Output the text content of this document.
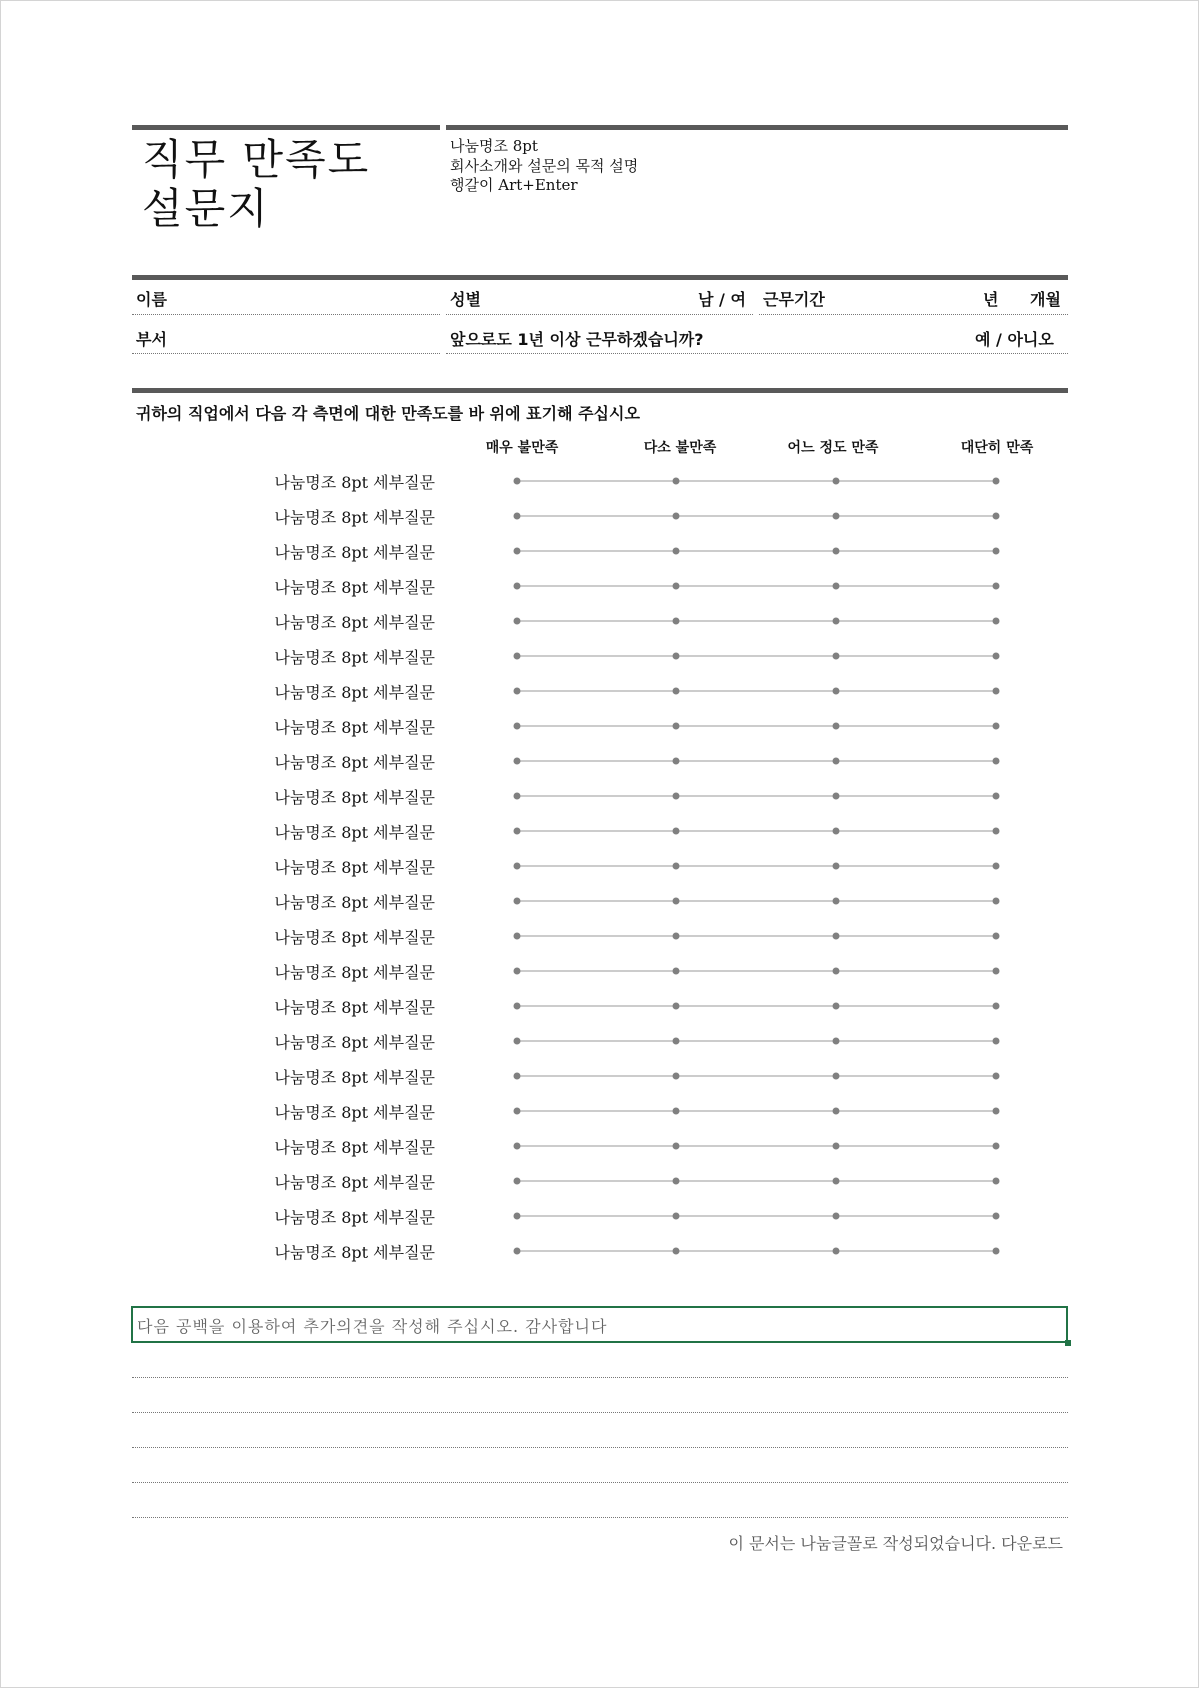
직무 만족도
설문지
나눔명조 8pt
회사소개와 설문의 목적 설명
행갈이 Art+Enter
이름	성별	남 / 여 근무기간	년 개월
부서	앞으로도 1년 이상 근무하겠습니까?	예 / 아니오
귀하의 직업에서 다음 각 측면에 대한 만족도를 바 위에 표기해 주십시오
매우 불만족	다소 불만족	어느 정도 만족	대단히 만족
나눔명조 8pt 세부질문
나눔명조 8pt 세부질문
나눔명조 8pt 세부질문
나눔명조 8pt 세부질문
나눔명조 8pt 세부질문
나눔명조 8pt 세부질문
나눔명조 8pt 세부질문
나눔명조 8pt 세부질문
나눔명조 8pt 세부질문
나눔명조 8pt 세부질문
나눔명조 8pt 세부질문
나눔명조 8pt 세부질문
나눔명조 8pt 세부질문
나눔명조 8pt 세부질문
나눔명조 8pt 세부질문
나눔명조 8pt 세부질문
나눔명조 8pt 세부질문
나눔명조 8pt 세부질문
나눔명조 8pt 세부질문
나눔명조 8pt 세부질문
나눔명조 8pt 세부질문
나눔명조 8pt 세부질문
나눔명조 8pt 세부질문
다음 공백을 이용하여 추가의견을 작성해 주십시오. 감사합니다
이 문서는 나눔글꼴로 작성되었습니다. 다운로드
